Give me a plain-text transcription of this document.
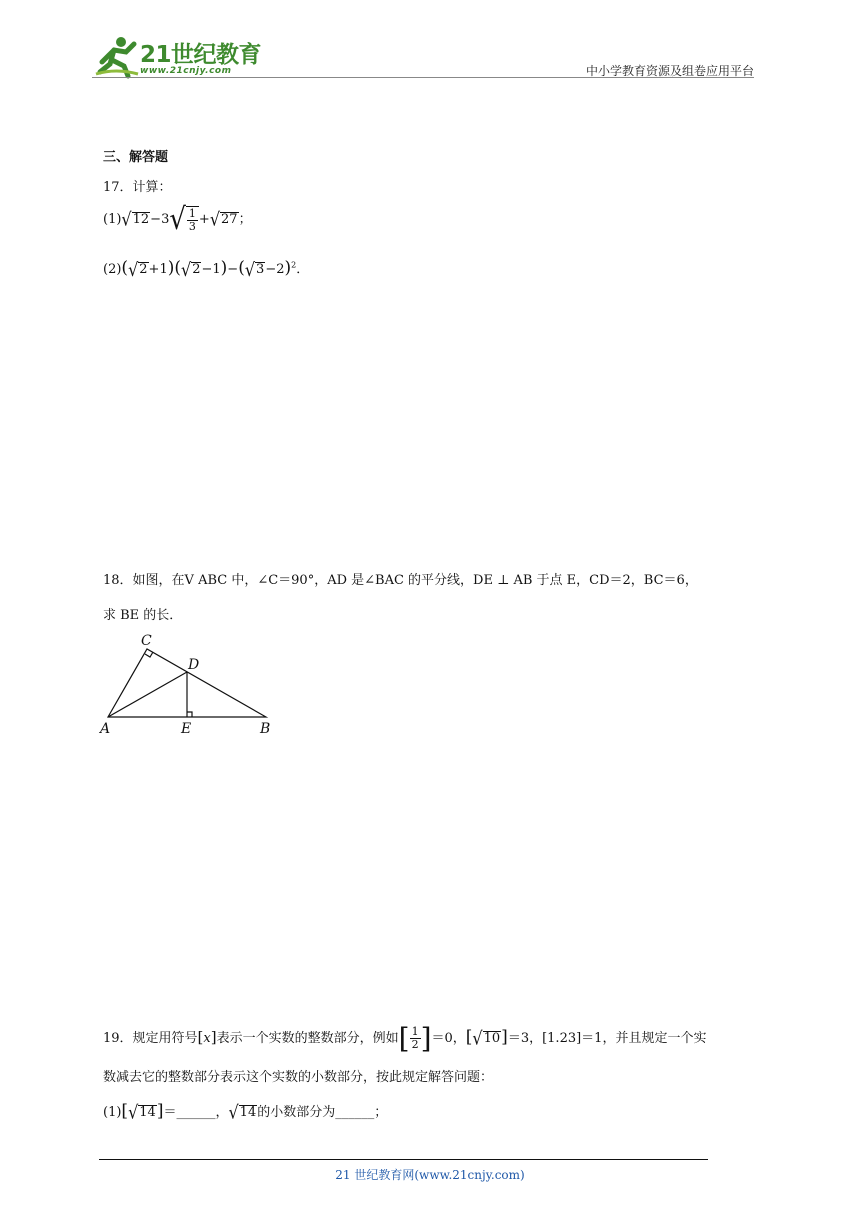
21世纪教育
www.21cnjy.com	中小学教育资源及组卷应用平台
三、解答题
17．计算：
$(1)√12-3√ \frac{1}{3} +√27$；
$(2)(√2+1)(√2-1)-(√3-2)^2$．
18．如图，在V ABC 中，∠C＝90°，AD 是∠BAC 的平分线，DE ⊥ AB 于点 E，CD＝2，BC＝6，
求 BE 的长．
C
D
A	E	B
19．规定用符号[x]表示一个实数的整数部分，例如[ $\frac{1}{2} ]=0$，[√10]＝3，[1.23]＝1，并且规定一个实
数减去它的整数部分表示这个实数的小数部分，按此规定解答问题：
(1)[√14]＝______，√14的小数部分为______；
21 世纪教育网(www.21cnjy.com)
